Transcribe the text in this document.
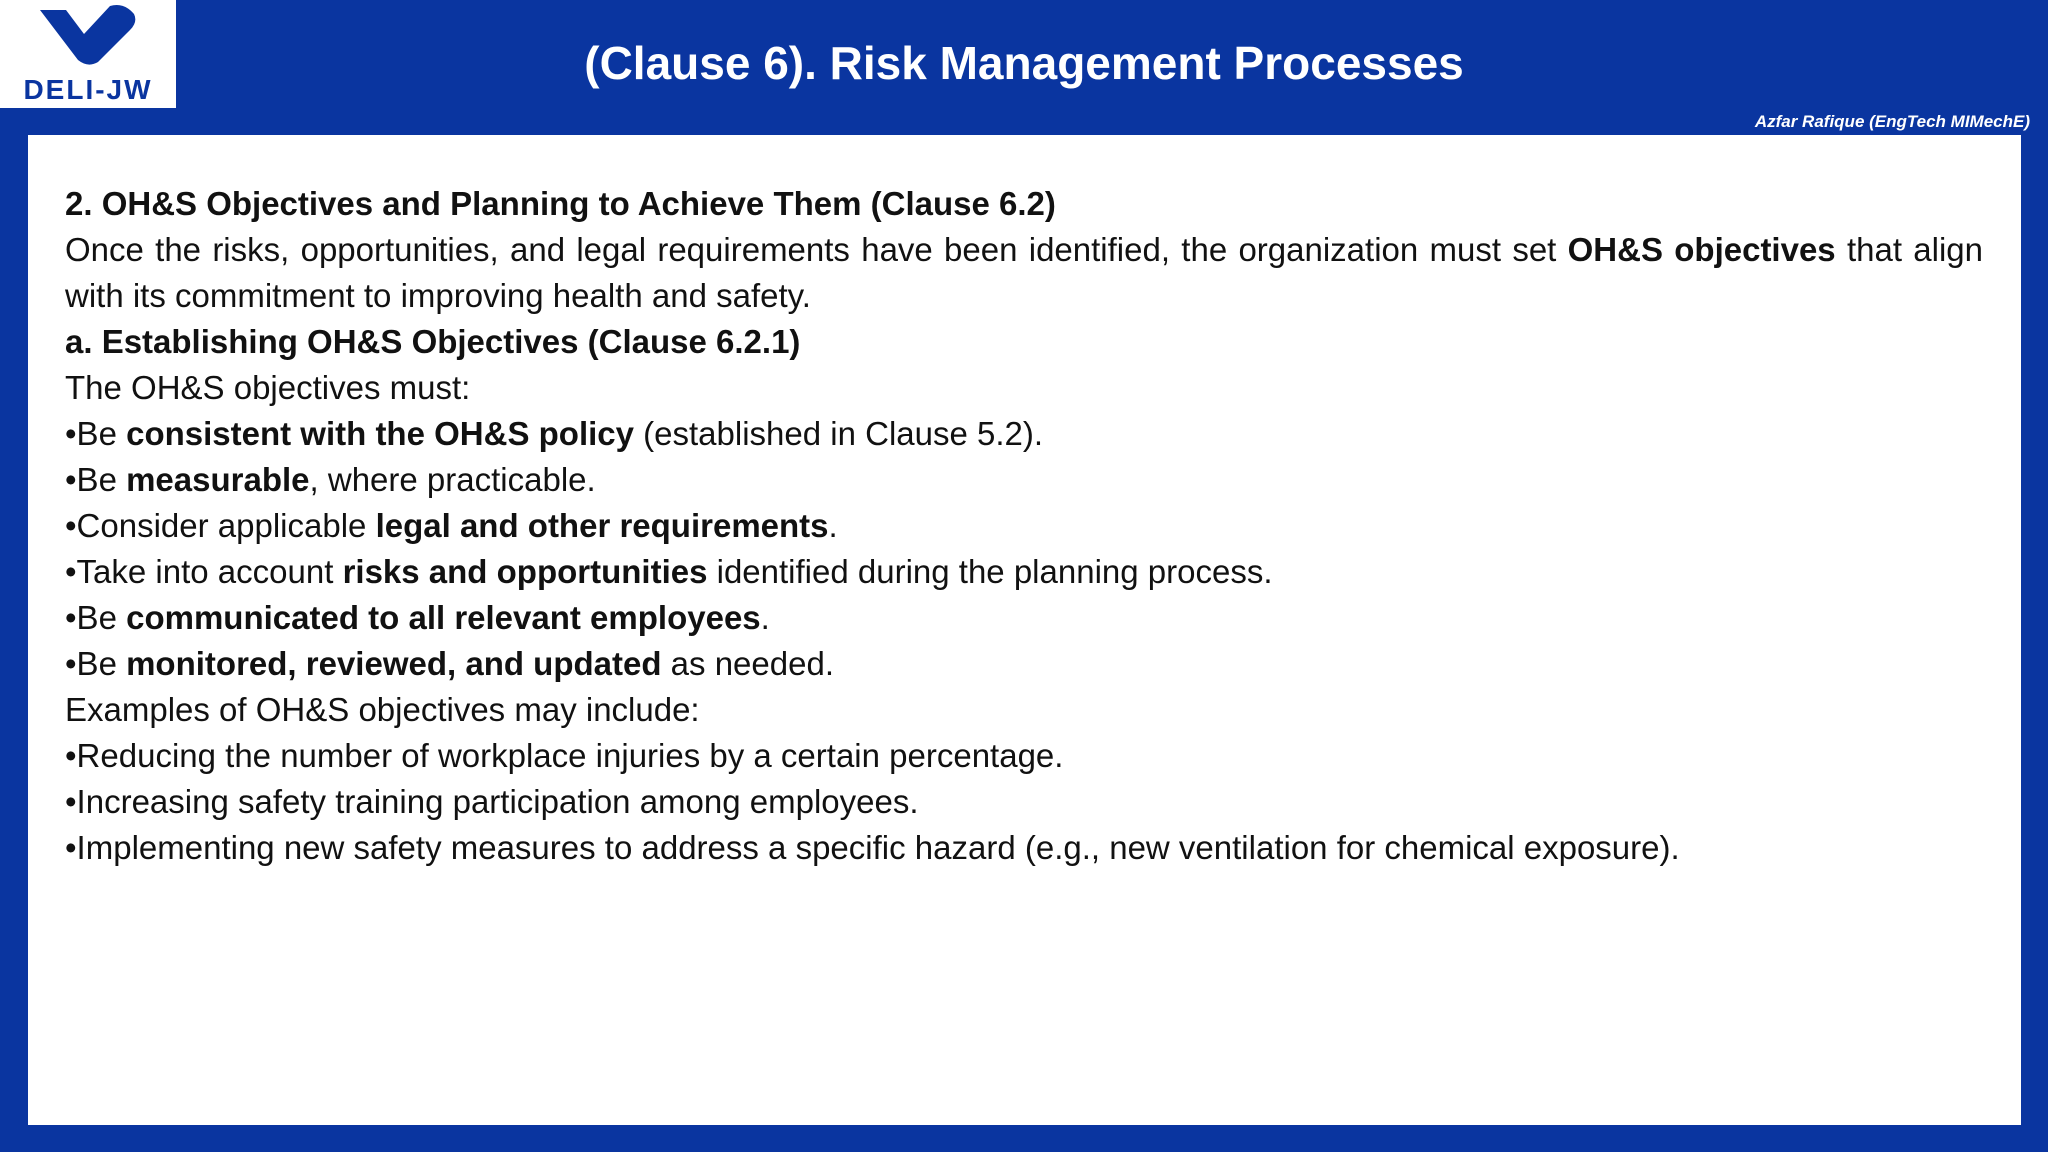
DELI-JW
(Clause 6). Risk Management Processes
Azfar Rafique (EngTech MIMechE)
2. OH&S Objectives and Planning to Achieve Them (Clause 6.2)
Once the risks, opportunities, and legal requirements have been identified, the organization must set OH&S objectives that align with its commitment to improving health and safety.
a. Establishing OH&S Objectives (Clause 6.2.1)
The OH&S objectives must:
•Be consistent with the OH&S policy (established in Clause 5.2).
•Be measurable, where practicable.
•Consider applicable legal and other requirements.
•Take into account risks and opportunities identified during the planning process.
•Be communicated to all relevant employees.
•Be monitored, reviewed, and updated as needed.
Examples of OH&S objectives may include:
•Reducing the number of workplace injuries by a certain percentage.
•Increasing safety training participation among employees.
•Implementing new safety measures to address a specific hazard (e.g., new ventilation for chemical exposure).
